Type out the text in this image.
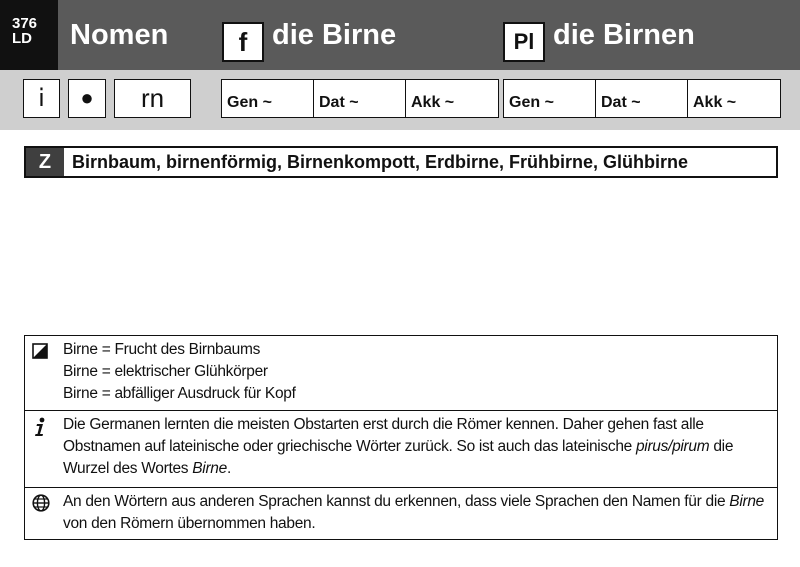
376
LD	Nomen	f die Birne	Pl die Birnen
i	●	rn	Gen ~	Dat ~	Akk ~	Gen ~	Dat ~	Akk ~
Z	Birnbaum, birnenförmig, Birnenkompott, Erdbirne, Frühbirne, Glühbirne
Birne = Frucht des Birnbaums
Birne = elektrischer Glühkörper
Birne = abfälliger Ausdruck für Kopf
Die Germanen lernten die meisten Obstarten erst durch die Römer kennen. Daher gehen fast alle Obstnamen auf lateinische oder griechische Wörter zurück. So ist auch das lateinische pirus/pirum die Wurzel des Wortes Birne.
An den Wörtern aus anderen Sprachen kannst du erkennen, dass viele Sprachen den Namen für die Birne von den Römern übernommen haben.
